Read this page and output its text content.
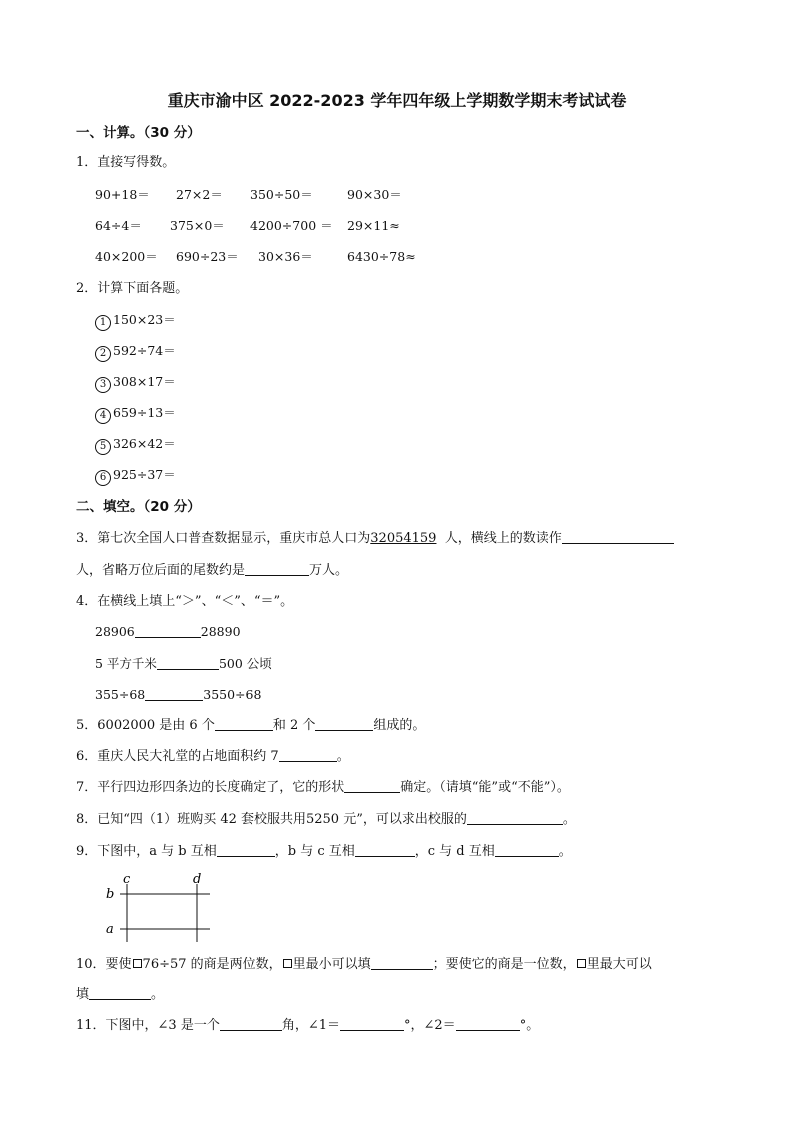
重庆市渝中区 2022-2023 学年四年级上学期数学期末考试试卷
一、计算。（30 分）
1．直接写得数。
90+18＝ 27×2＝ 350÷50＝	90×30＝
64÷4＝ 375×0＝ 4200÷700 ＝ 29×11≈
40×200＝ 690÷23＝ 30×36＝	6430÷78≈
2．计算下面各题。
1 150×23＝
2 592÷74＝
3 308×17＝
4 659÷13＝
5 326×42＝
6 925÷37＝
二、填空。（20 分）
3．第七次全国人口普查数据显示，重庆市总人口为32054159 人，横线上的数读作
人，省略万位后面的尾数约是	万人。
4．在横线上填上“＞”、“＜”、“＝”。
28906	28890
5 平方千米	500 公顷
355÷68	3550÷68
5．6002000 是由 6 个	和 2 个	组成的。
6．重庆人民大礼堂的占地面积约 7	。
7．平行四边形四条边的长度确定了，它的形状	确定。（请填“能”或“不能”）。
8．已知“四（1）班购买 42 套校服共用5250 元”，可以求出校服的	。
9．下图中，a 与 b 互相	，b 与 c 互相	，c 与 d 互相	。
c	d
b
a
10．要使 76÷57 的商是两位数， 里最小可以填	；要使它的商是一位数， 里最大可以
填	。
11．下图中，∠3 是一个	角，∠1＝	°，∠2＝	°。
